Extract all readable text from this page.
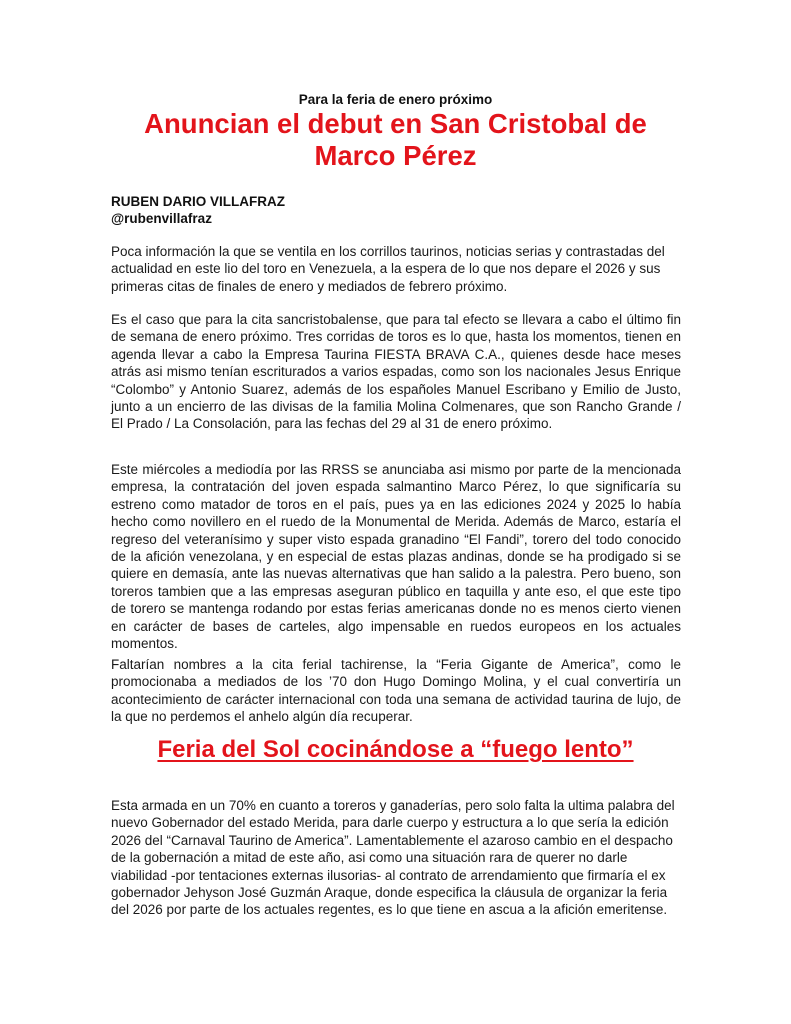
Para la feria de enero próximo
Anuncian el debut en San Cristobal de Marco Pérez
RUBEN DARIO VILLAFRAZ
@rubenvillafraz

Poca información la que se ventila en los corrillos taurinos, noticias serias y contrastadas del actualidad en este lio del toro en Venezuela, a la espera de lo que nos depare el 2026 y sus primeras citas de finales de enero y mediados de febrero próximo.

Es el caso que para la cita sancristobalense, que para tal efecto se llevara a cabo el último fin de semana de enero próximo. Tres corridas de toros es lo que, hasta los momentos, tienen en agenda llevar a cabo la Empresa Taurina FIESTA BRAVA C.A., quienes desde hace meses atrás asi mismo tenían escriturados a varios espadas, como son los nacionales Jesus Enrique “Colombo” y Antonio Suarez, además de los españoles Manuel Escribano y Emilio de Justo, junto a un encierro de las divisas de la familia Molina Colmenares, que son Rancho Grande / El Prado / La Consolación, para las fechas del 29 al 31 de enero próximo.

Este miércoles a mediodía por las RRSS se anunciaba asi mismo por parte de la mencionada empresa, la contratación del joven espada salmantino Marco Pérez, lo que significaría su estreno como matador de toros en el país, pues ya en las ediciones 2024 y 2025 lo había hecho como novillero en el ruedo de la Monumental de Merida. Además de Marco, estaría el regreso del veteranísimo y super visto espada granadino “El Fandi”, torero del todo conocido de la afición venezolana, y en especial de estas plazas andinas, donde se ha prodigado si se quiere en demasía, ante las nuevas alternativas que han salido a la palestra. Pero bueno, son toreros tambien que a las empresas aseguran público en taquilla y ante eso, el que este tipo de torero se mantenga rodando por estas ferias americanas donde no es menos cierto vienen en carácter de bases de carteles, algo impensable en ruedos europeos en los actuales momentos.

Faltarían nombres a la cita ferial tachirense, la “Feria Gigante de America”, como le promocionaba a mediados de los ’70 don Hugo Domingo Molina, y el cual convertiría un acontecimiento de carácter internacional con toda una semana de actividad taurina de lujo, de la que no perdemos el anhelo algún día recuperar.

Feria del Sol cocinándose a “fuego lento”

Esta armada en un 70% en cuanto a toreros y ganaderías, pero solo falta la ultima palabra del nuevo Gobernador del estado Merida, para darle cuerpo y estructura a lo que sería la edición 2026 del “Carnaval Taurino de America”. Lamentablemente el azaroso cambio en el despacho de la gobernación a mitad de este año, asi como una situación rara de querer no darle viabilidad -por tentaciones externas ilusorias- al contrato de arrendamiento que firmaría el ex gobernador Jehyson José Guzmán Araque, donde especifica la cláusula de organizar la feria del 2026 por parte de los actuales regentes, es lo que tiene en ascua a la afición emeritense.
